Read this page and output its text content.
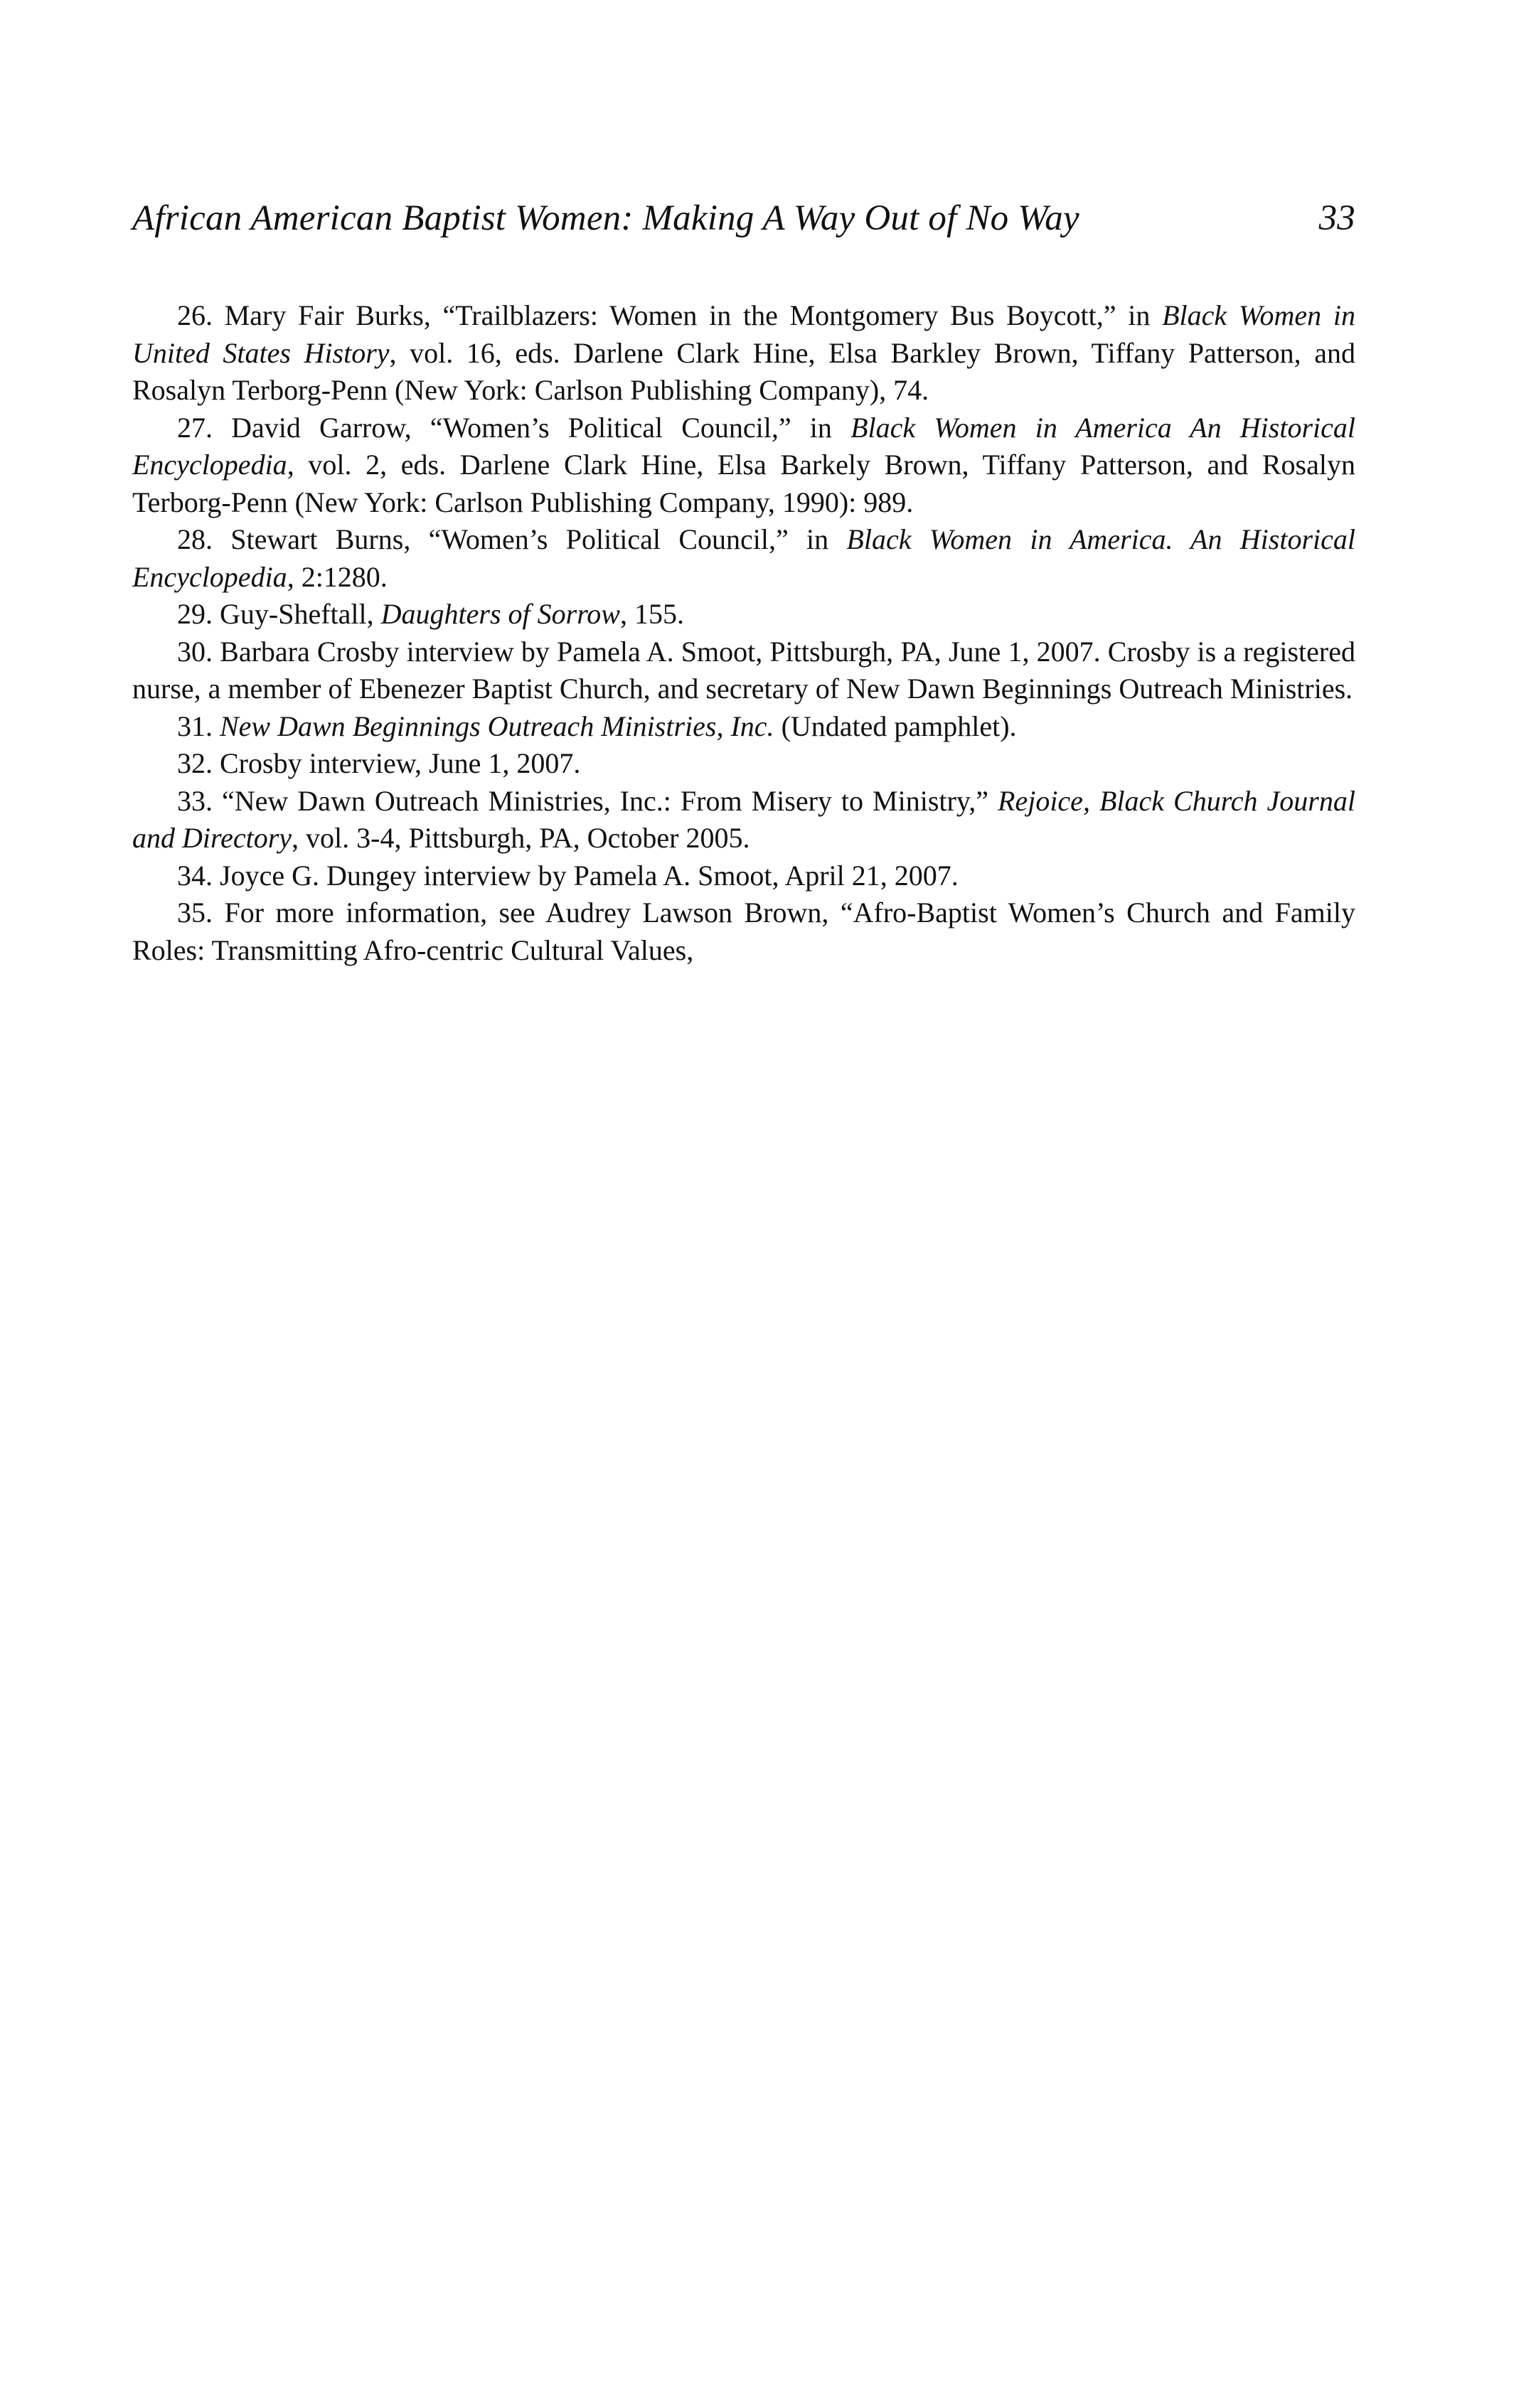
African American Baptist Women: Making A Way Out of No Way	33

26. Mary Fair Burks, “Trailblazers: Women in the Montgomery Bus Boycott,” in Black Women in United States History, vol. 16, eds. Darlene Clark Hine, Elsa Barkley Brown, Tiffany Patterson, and Rosalyn Terborg-Penn (New York: Carlson Publishing Company), 74.

27. David Garrow, “Women’s Political Council,” in Black Women in America An Historical Encyclopedia, vol. 2, eds. Darlene Clark Hine, Elsa Barkely Brown, Tiffany Patterson, and Rosalyn Terborg-Penn (New York: Carlson Publishing Company, 1990): 989.

28. Stewart Burns, “Women’s Political Council,” in Black Women in America. An Historical Encyclopedia, 2:1280.

29. Guy-Sheftall, Daughters of Sorrow, 155.

30. Barbara Crosby interview by Pamela A. Smoot, Pittsburgh, PA, June 1, 2007. Crosby is a registered nurse, a member of Ebenezer Baptist Church, and secretary of New Dawn Beginnings Outreach Ministries.

31. New Dawn Beginnings Outreach Ministries, Inc. (Undated pamphlet).

32. Crosby interview, June 1, 2007.

33. “New Dawn Outreach Ministries, Inc.: From Misery to Ministry,” Rejoice, Black Church Journal and Directory, vol. 3-4, Pittsburgh, PA, October 2005.

34. Joyce G. Dungey interview by Pamela A. Smoot, April 21, 2007.

35. For more information, see Audrey Lawson Brown, “Afro-Baptist Women’s Church and Family Roles: Transmitting Afro-centric Cultural Values,
